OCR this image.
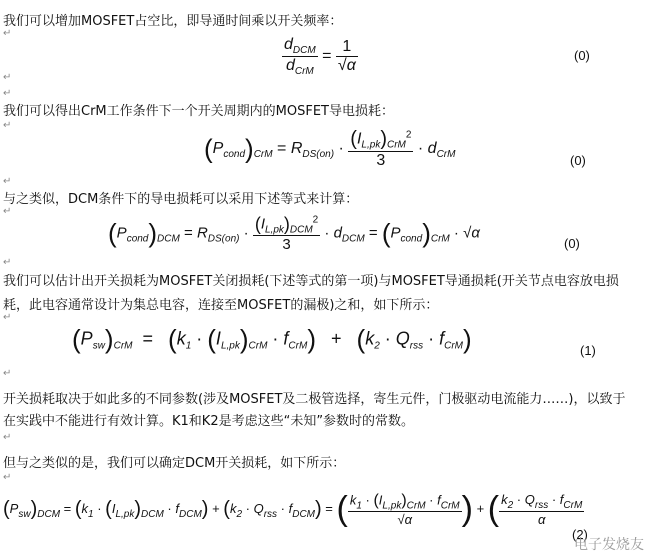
我们可以增加MOSFET占空比，即导通时间乘以开关频率：
↵
$\frac{d_{DCM}}{d_{CrM}} = \frac{1}{√\alpha}$	(0)
↵
↵
我们可以得出CrM工作条件下一个开关周期内的MOSFET导电损耗：
↵
$(P_{cond})_{CrM} = R_{DS(on)} \cdot \frac{(I_{L,pk})_{CrM}^2}{3} \cdot d_{CrM}$	(0)
↵
与之类似，DCM条件下的导电损耗可以采用下述等式来计算：
↵
$(P_{cond})_{DCM} = R_{DS(on)} \cdot \frac{(I_{L,pk})_{DCM}^2}{3} \cdot d_{DCM} = (P_{cond})_{CrM} \cdot √\alpha$
(0)
↵
我们可以估计出开关损耗为MOSFET关闭损耗(下述等式的第一项)与MOSFET导通损耗(开关节点电容放电损
耗，此电容通常设计为集总电容，连接至MOSFET的漏极)之和，如下所示：
↵
$(P_{sw})_{CrM} = (k_1 \cdot (I_{L,pk})_{CrM} \cdot f_{CrM}) + (k_2 \cdot Q_{rss} \cdot f_{CrM})$	(1)
↵
开关损耗取决于如此多的不同参数(涉及MOSFET及二极管选择，寄生元件，门极驱动电流能力……)，以致于
在实践中不能进行有效计算。K1和K2是考虑这些“未知”参数时的常数。
↵
但与之类似的是，我们可以确定DCM开关损耗，如下所示：
↵
$(P_{sw})_{DCM} = (k_1 \cdot (I_{L,pk})_{DCM} \cdot f_{DCM}) + (k_2 \cdot Q_{rss} \cdot f_{DCM})$ = ( $\frac{k_1 \cdot (I_{L,pk})_{CrM} \cdot f_{CrM}}{√\alpha}$ ) + ( $\frac{k_2 \cdot Q_{rss} \cdot f_{CrM}}{\alpha}$
(2)
电子发烧友
